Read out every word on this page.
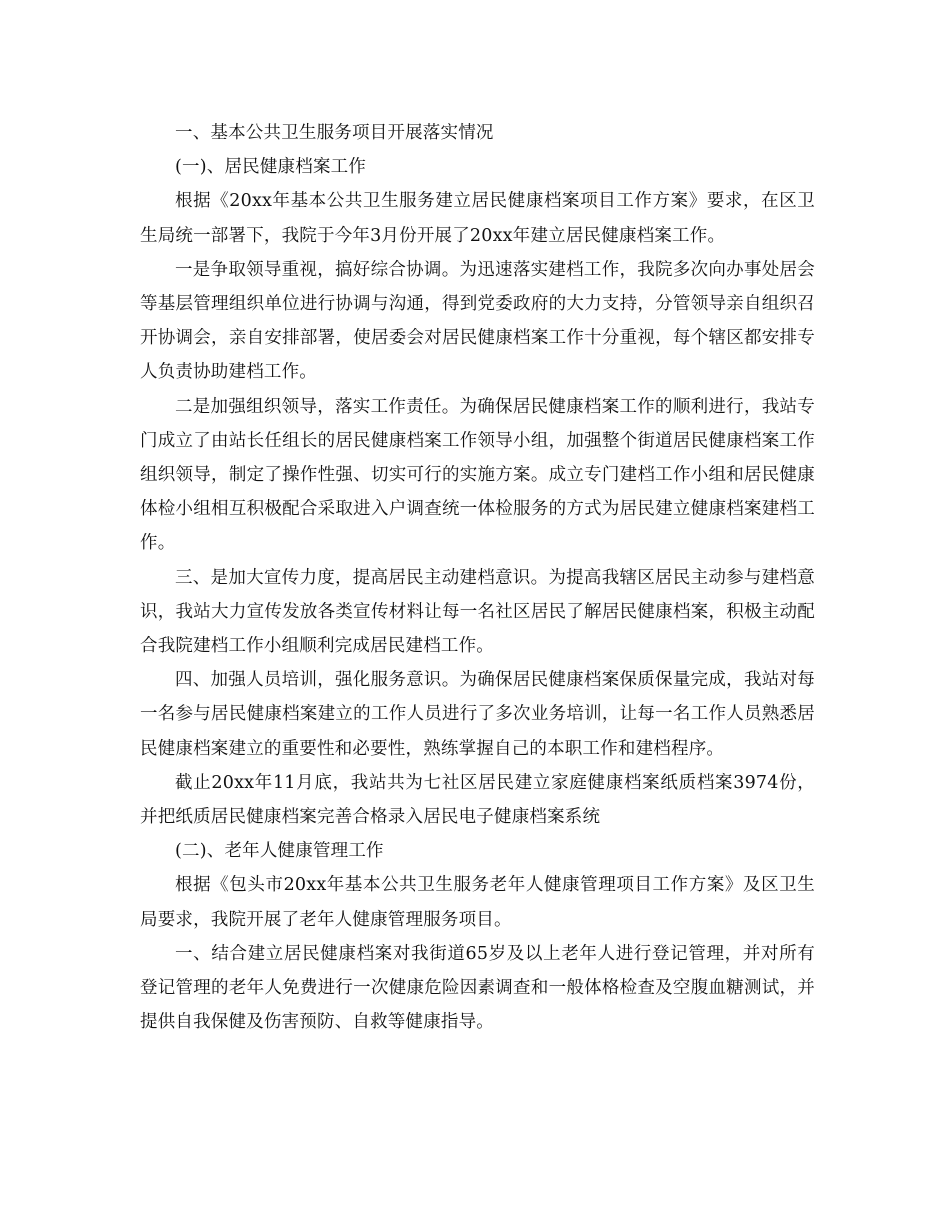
一、基本公共卫生服务项目开展落实情况

(一)、居民健康档案工作

根据《20xx年基本公共卫生服务建立居民健康档案项目工作方案》要求，在区卫生局统一部署下，我院于今年3月份开展了20xx年建立居民健康档案工作。

一是争取领导重视，搞好综合协调。为迅速落实建档工作，我院多次向办事处居会等基层管理组织单位进行协调与沟通，得到党委政府的大力支持，分管领导亲自组织召开协调会，亲自安排部署，使居委会对居民健康档案工作十分重视，每个辖区都安排专人负责协助建档工作。

二是加强组织领导，落实工作责任。为确保居民健康档案工作的顺利进行，我站专门成立了由站长任组长的居民健康档案工作领导小组，加强整个街道居民健康档案工作组织领导，制定了操作性强、切实可行的实施方案。成立专门建档工作小组和居民健康体检小组相互积极配合采取进入户调查统一体检服务的方式为居民建立健康档案建档工作。

三、是加大宣传力度，提高居民主动建档意识。为提高我辖区居民主动参与建档意识，我站大力宣传发放各类宣传材料让每一名社区居民了解居民健康档案，积极主动配合我院建档工作小组顺利完成居民建档工作。

四、加强人员培训，强化服务意识。为确保居民健康档案保质保量完成，我站对每一名参与居民健康档案建立的工作人员进行了多次业务培训，让每一名工作人员熟悉居民健康档案建立的重要性和必要性，熟练掌握自己的本职工作和建档程序。

截止20xx年11月底，我站共为七社区居民建立家庭健康档案纸质档案3974份，并把纸质居民健康档案完善合格录入居民电子健康档案系统

(二)、老年人健康管理工作

根据《包头市20xx年基本公共卫生服务老年人健康管理项目工作方案》及区卫生局要求，我院开展了老年人健康管理服务项目。

一、结合建立居民健康档案对我街道65岁及以上老年人进行登记管理，并对所有登记管理的老年人免费进行一次健康危险因素调查和一般体格检查及空腹血糖测试，并提供自我保健及伤害预防、自救等健康指导。
